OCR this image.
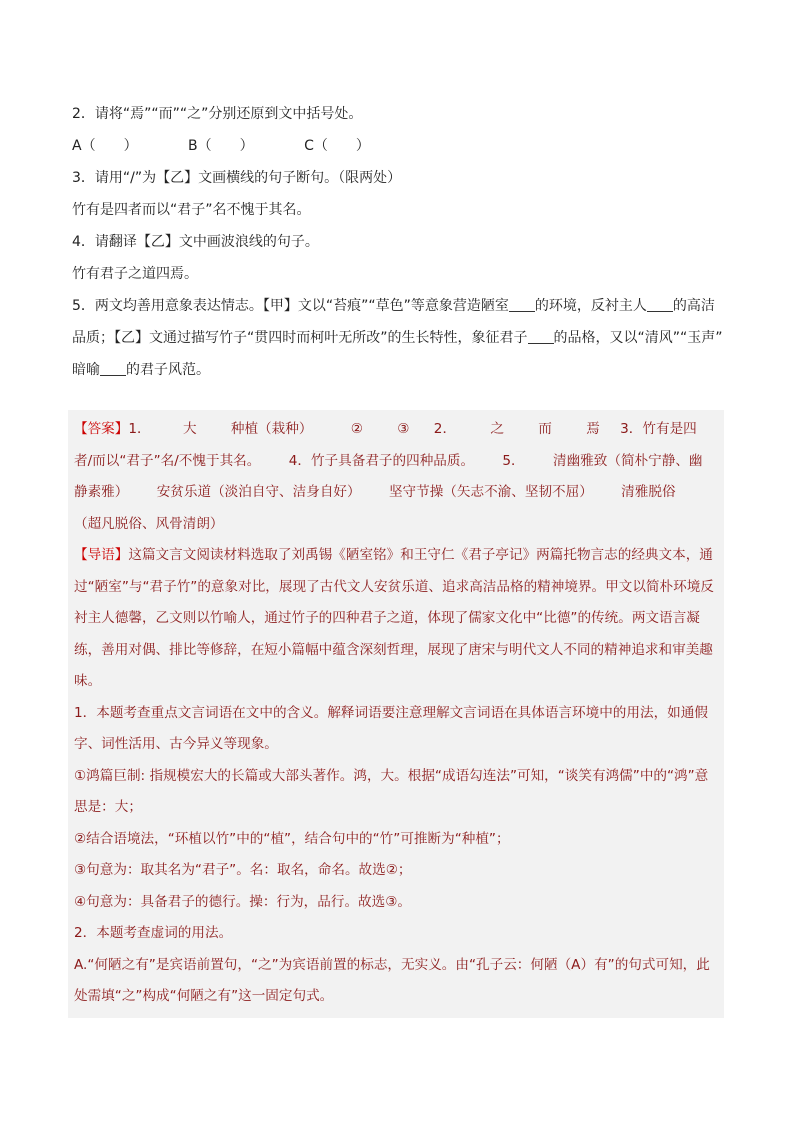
2．请将“焉”“而”“之”分别还原到文中括号处。
A（　　）	B（　　）	C（　　）
3．请用“/”为【乙】文画横线的句子断句。（限两处）
竹有是四者而以“君子”名不愧于其名。
4．请翻译【乙】文中画波浪线的句子。
竹有君子之道四焉。
5．两文均善用意象表达情志。【甲】文以“苔痕”“草色”等意象营造陋室 的环境，反衬主人 的高洁
品质；【乙】文通过描写竹子“贯四时而柯叶无所改”的生长特性，象征君子 的品格，又以“清风”“玉声”
暗喻 的君子风范。
【答案】1． 大	种植（栽种）	②	③ 2．	之	而	焉 3．竹有是四
者/而以“君子”名/不愧于其名。 4．竹子具备君子的四种品质。 5． 清幽雅致（简朴宁静、幽
静素雅） 安贫乐道（淡泊自守、洁身自好） 坚守节操（矢志不渝、坚韧不屈） 清雅脱俗
（超凡脱俗、风骨清朗）
【导语】这篇文言文阅读材料选取了刘禹锡《陋室铭》和王守仁《君子亭记》两篇托物言志的经典文本，通过“陋室”与“君子竹”的意象对比，展现了古代文人安贫乐道、追求高洁品格的精神境界。甲文以简朴环境反衬主人德馨，乙文则以竹喻人，通过竹子的四种君子之道，体现了儒家文化中“比德”的传统。两文语言凝练，善用对偶、排比等修辞，在短小篇幅中蕴含深刻哲理，展现了唐宋与明代文人不同的精神追求和审美趣味。
1．本题考查重点文言词语在文中的含义。解释词语要注意理解文言词语在具体语言环境中的用法，如通假字、词性活用、古今异义等现象。
①鸿篇巨制: 指规模宏大的长篇或大部头著作。鸿，大。根据“成语勾连法”可知，“谈笑有鸿儒”中的“鸿”意思是：大；
②结合语境法，“环植以竹”中的“植”，结合句中的“竹”可推断为“种植”；
③句意为：取其名为“君子”。名：取名，命名。故选②；
④句意为：具备君子的德行。操：行为，品行。故选③。
2．本题考查虚词的用法。
A.“何陋之有”是宾语前置句，“之”为宾语前置的标志，无实义。由“孔子云：何陋（A）有”的句式可知，此处需填“之”构成“何陋之有”这一固定句式。
